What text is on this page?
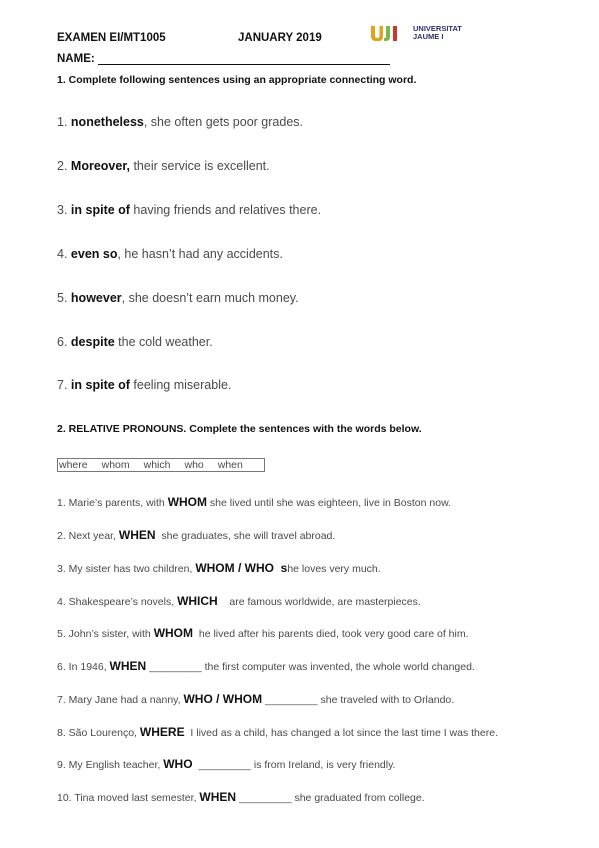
EXAMEN EI/MT1005	JANUARY 2019
NAME:
UNIVERSITAT
JAUME I
1. Complete following sentences using an appropriate connecting word.
1. nonetheless, she often gets poor grades.
2. Moreover, their service is excellent.
3. in spite of having friends and relatives there.
4. even so, he hasn’t had any accidents.
5. however, she doesn’t earn much money.
6. despite the cold weather.
7. in spite of feeling miserable.
2. RELATIVE PRONOUNS. Complete the sentences with the words below.
where whom which who when
1. Marie’s parents, with WHOM she lived until she was eighteen, live in Boston now.
2. Next year, WHEN  she graduates, she will travel abroad.
3. My sister has two children, WHOM / WHO  she loves very much.
4. Shakespeare’s novels, WHICH    are famous worldwide, are masterpieces.
5. John’s sister, with WHOM  he lived after his parents died, took very good care of him.
6. In 1946, WHEN _________ the first computer was invented, the whole world changed.
7. Mary Jane had a nanny, WHO / WHOM _________ she traveled with to Orlando.
8. São Lourenço, WHERE  I lived as a child, has changed a lot since the last time I was there.
9. My English teacher, WHO  _________ is from Ireland, is very friendly.
10. Tina moved last semester, WHEN _________ she graduated from college.
